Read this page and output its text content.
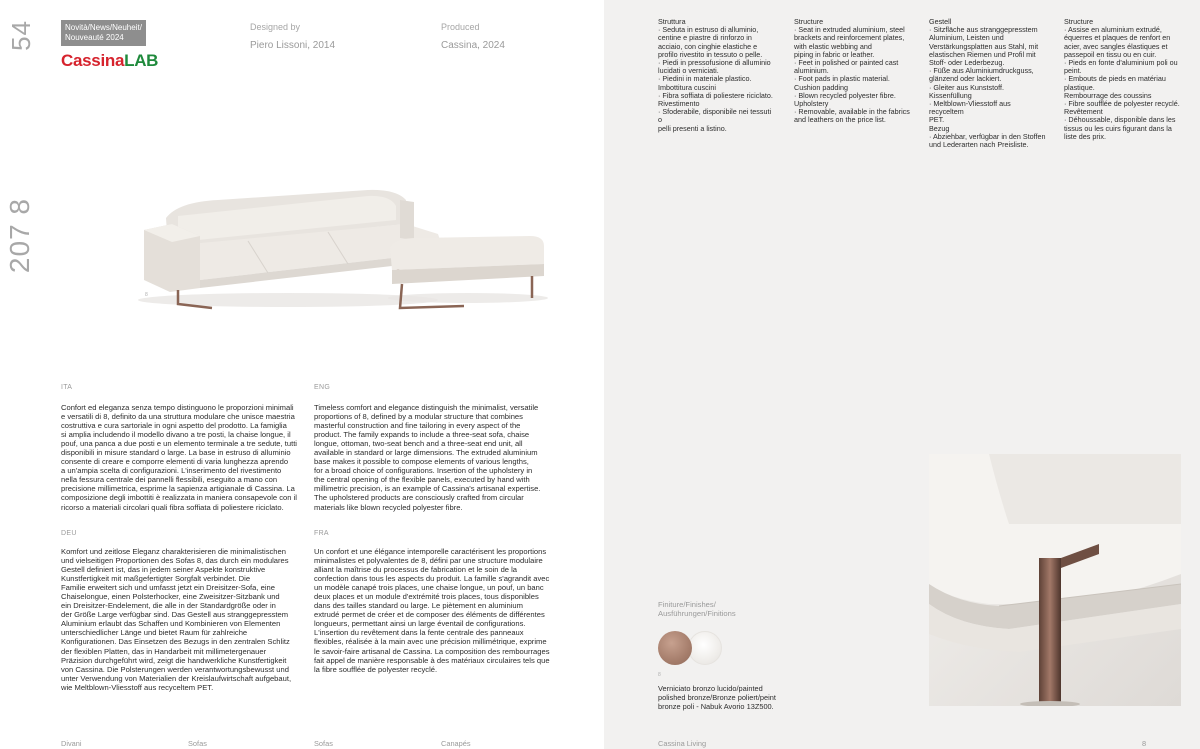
54
207 8
Novità/News/Neuheit/
Nouveauté 2024
CassinaLAB
Designed by
Piero Lissoni, 2014
Produced
Cassina, 2024
8
ITA
Confort ed eleganza senza tempo distinguono le proporzioni minimali
e versatili di 8, definito da una struttura modulare che unisce maestria
costruttiva e cura sartoriale in ogni aspetto del prodotto. La famiglia
si amplia includendo il modello divano a tre posti, la chaise longue, il
pouf, una panca a due posti e un elemento terminale a tre sedute, tutti
disponibili in misure standard o large. La base in estruso di alluminio
consente di creare e comporre elementi di varia lunghezza aprendo
a un'ampia scelta di configurazioni. L'inserimento del rivestimento
nella fessura centrale dei pannelli flessibili, eseguito a mano con
precisione millimetrica, esprime la sapienza artigianale di Cassina. La
composizione degli imbottiti è realizzata in maniera consapevole con il
ricorso a materiali circolari quali fibra soffiata di poliestere riciclato.
ENG
Timeless comfort and elegance distinguish the minimalist, versatile
proportions of 8, defined by a modular structure that combines
masterful construction and fine tailoring in every aspect of the
product. The family expands to include a three-seat sofa, chaise
longue, ottoman, two-seat bench and a three-seat end unit, all
available in standard or large dimensions. The extruded aluminium
base makes it possible to compose elements of various lengths,
for a broad choice of configurations. Insertion of the upholstery in
the central opening of the flexible panels, executed by hand with
millimetric precision, is an example of Cassina's artisanal expertise.
The upholstered products are consciously crafted from circular
materials like blown recycled polyester fibre.
DEU
Komfort und zeitlose Eleganz charakterisieren die minimalistischen
und vielseitigen Proportionen des Sofas 8, das durch ein modulares
Gestell definiert ist, das in jedem seiner Aspekte konstruktive
Kunstfertigkeit mit maßgefertigter Sorgfalt verbindet. Die
Familie erweitert sich und umfasst jetzt ein Dreisitzer-Sofa, eine
Chaiselongue, einen Polsterhocker, eine Zweisitzer-Sitzbank und
ein Dreisitzer-Endelement, die alle in der Standardgröße oder in
der Größe Large verfügbar sind. Das Gestell aus stranggepresstem
Aluminium erlaubt das Schaffen und Kombinieren von Elementen
unterschiedlicher Länge und bietet Raum für zahlreiche
Konfigurationen. Das Einsetzen des Bezugs in den zentralen Schlitz
der flexiblen Platten, das in Handarbeit mit millimetergenauer
Präzision durchgeführt wird, zeigt die handwerkliche Kunstfertigkeit
von Cassina. Die Polsterungen werden verantwortungsbewusst und
unter Verwendung von Materialien der Kreislaufwirtschaft aufgebaut,
wie Meltblown-Vliesstoff aus recyceltem PET.
FRA
Un confort et une élégance intemporelle caractérisent les proportions
minimalistes et polyvalentes de 8, défini par une structure modulaire
alliant la maîtrise du processus de fabrication et le soin de la
confection dans tous les aspects du produit. La famille s'agrandit avec
un modèle canapé trois places, une chaise longue, un pouf, un banc
deux places et un module d'extrémité trois places, tous disponibles
dans des tailles standard ou large. Le piètement en aluminium
extrudé permet de créer et de composer des éléments de différentes
longueurs, permettant ainsi un large éventail de configurations.
L'insertion du revêtement dans la fente centrale des panneaux
flexibles, réalisée à la main avec une précision millimétrique, exprime
le savoir-faire artisanal de Cassina. La composition des rembourrages
fait appel de manière responsable à des matériaux circulaires tels que
la fibre soufflée de polyester recyclé.
Struttura
· Seduta in estruso di alluminio,
centine e piastre di rinforzo in
acciaio, con cinghie elastiche e
profilo rivestito in tessuto o pelle.
· Piedi in pressofusione di alluminio
lucidati o verniciati.
· Piedini in materiale plastico.
Imbottitura cuscini
· Fibra soffiata di poliestere riciclato.
Rivestimento
· Sfoderabile, disponibile nei tessuti o
pelli presenti a listino.
Structure
· Seat in extruded aluminium, steel
brackets and reinforcement plates,
with elastic webbing and
piping in fabric or leather.
· Feet in polished or painted cast
aluminium.
· Foot pads in plastic material.
Cushion padding
· Blown recycled polyester fibre.
Upholstery
· Removable, available in the fabrics
and leathers on the price list.
Gestell
· Sitzfläche aus stranggepresstem
Aluminium, Leisten und
Verstärkungsplatten aus Stahl, mit
elastischen Riemen und Profil mit
Stoff- oder Lederbezug.
· Füße aus Aluminiumdruckguss,
glänzend oder lackiert.
· Gleiter aus Kunststoff.
Kissenfüllung
· Meltblown-Vliesstoff aus recyceltem
PET.
Bezug
· Abziehbar, verfügbar in den Stoffen
und Lederarten nach Preisliste.
Structure
· Assise en aluminium extrudé,
équerres et plaques de renfort en
acier, avec sangles élastiques et
passepoil en tissu ou en cuir.
· Pieds en fonte d'aluminium poli ou
peint.
· Embouts de pieds en matériau
plastique.
Rembourrage des coussins
· Fibre soufflée de polyester recyclé.
Revêtement
· Déhoussable, disponible dans les
tissus ou les cuirs figurant dans la
liste des prix.
Finiture/Finishes/
Ausführungen/Finitions
8
Verniciato bronzo lucido/painted
polished bronze/Bronze poliert/peint
bronze poli - Nabuk Avorio 13Z500.
Divani	Sofas	Sofas	Canapés	Cassina Living	8
